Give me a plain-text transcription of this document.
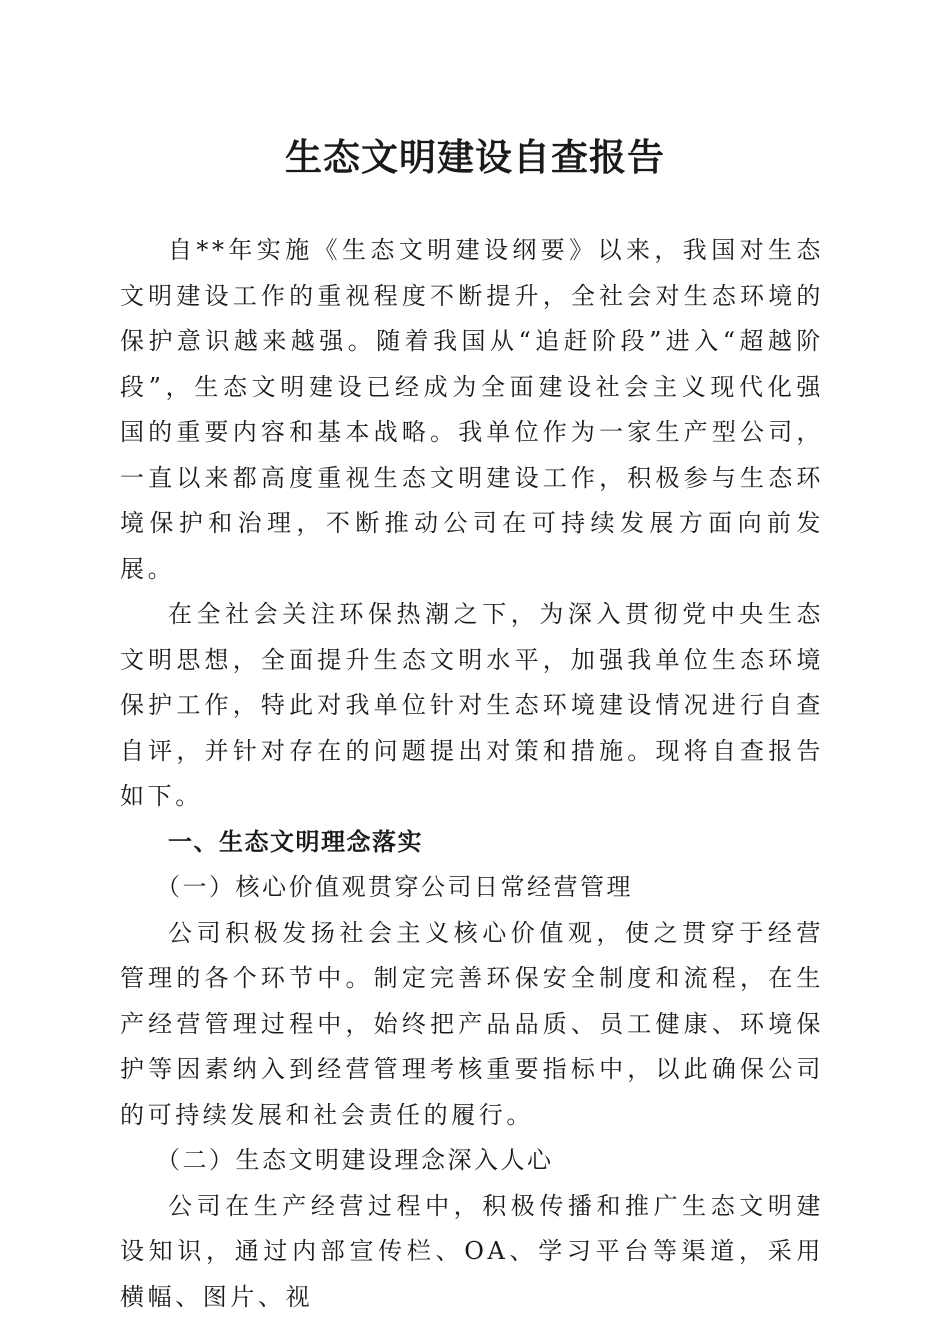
生态文明建设自查报告

自**年实施《生态文明建设纲要》以来，我国对生态文明建设工作的重视程度不断提升，全社会对生态环境的保护意识越来越强。随着我国从“追赶阶段”进入“超越阶段”，生态文明建设已经成为全面建设社会主义现代化强国的重要内容和基本战略。我单位作为一家生产型公司，一直以来都高度重视生态文明建设工作，积极参与生态环境保护和治理，不断推动公司在可持续发展方面向前发展。

在全社会关注环保热潮之下，为深入贯彻党中央生态文明思想，全面提升生态文明水平，加强我单位生态环境保护工作，特此对我单位针对生态环境建设情况进行自查自评，并针对存在的问题提出对策和措施。现将自查报告如下。

一、生态文明理念落实

（一）核心价值观贯穿公司日常经营管理

公司积极发扬社会主义核心价值观，使之贯穿于经营管理的各个环节中。制定完善环保安全制度和流程，在生产经营管理过程中，始终把产品品质、员工健康、环境保护等因素纳入到经营管理考核重要指标中，以此确保公司的可持续发展和社会责任的履行。

（二）生态文明建设理念深入人心

公司在生产经营过程中，积极传播和推广生态文明建设知识，通过内部宣传栏、OA、学习平台等渠道，采用横幅、图片、视
